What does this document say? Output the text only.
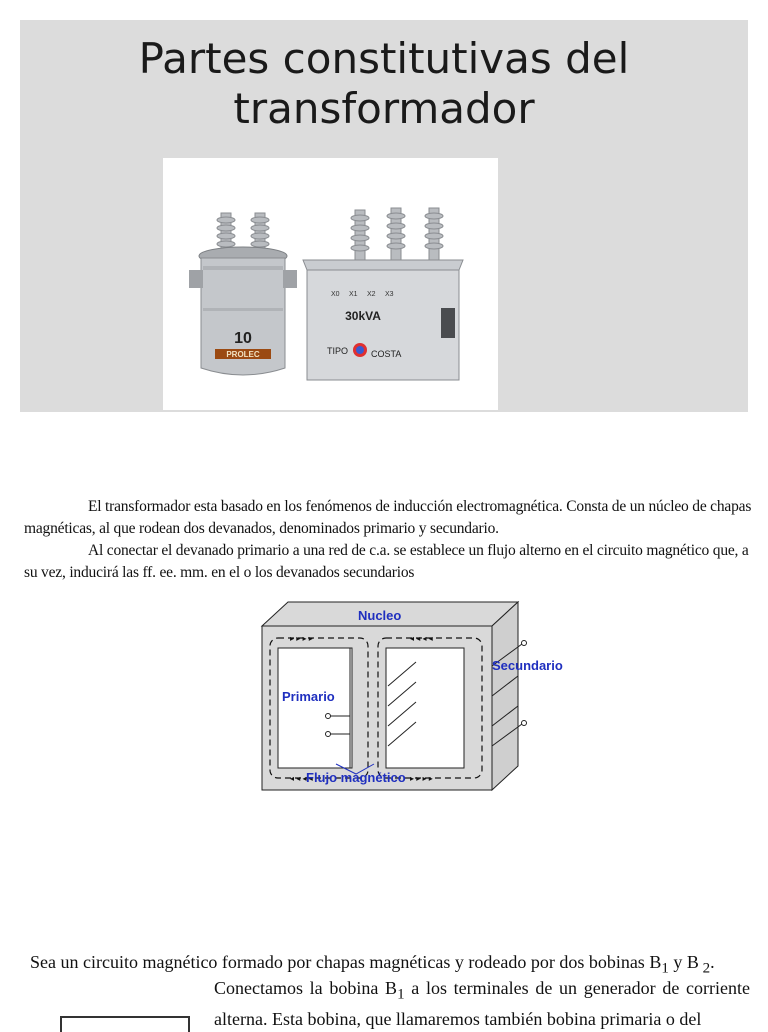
Partes constitutivas del transformador
10
PROLEC
X0 X1 X2 X3
30kVA
TIPO	COSTA

El transformador esta basado en los fenómenos de inducción electromagnética. Consta de un núcleo de chapas magnéticas, al que rodean dos devanados, denominados primario y secundario.

Al conectar el devanado primario a una red de c.a. se establece un flujo alterno en el circuito magnético que, a su vez, inducirá las ff. ee. mm. en el o los devanados secundarios

▸ ▸ ▸ ▸	◂ ◂ ◂ ◂
◂ ◂ ◂ ◂	▸ ▸ ▸ ▸
Nucleo
Secundario
Primario
Flujo magnético

Sea un circuito magnético formado por chapas magnéticas y rodeado por dos bobinas $B_1$ y B $_2$.

Conectamos la bobina $B_1$ a los terminales de un generador de corriente alterna. Esta bobina, que llamaremos también bobina primaria o del
